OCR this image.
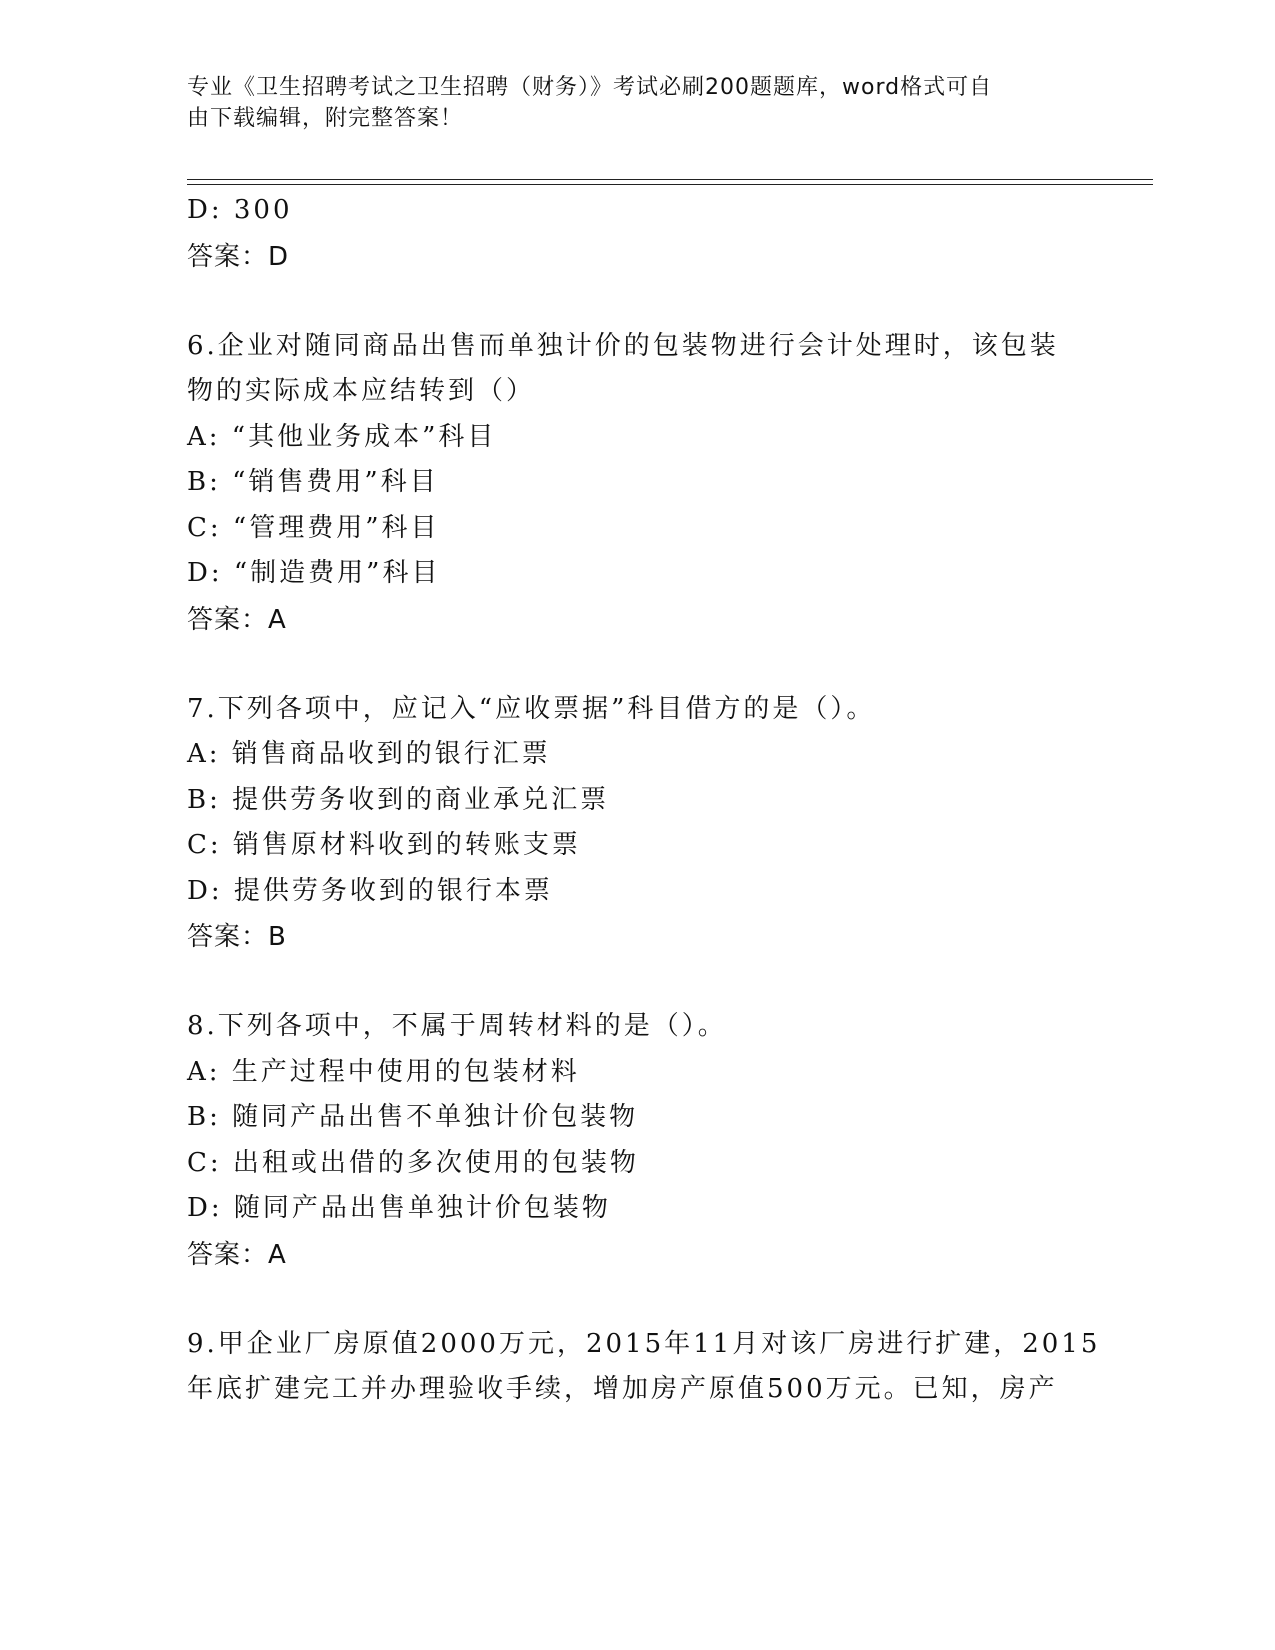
专业《卫生招聘考试之卫生招聘（财务）》考试必刷200题题库，word格式可自
由下载编辑，附完整答案！
D: 300
答案：D
6.企业对随同商品出售而单独计价的包装物进行会计处理时，该包装
物的实际成本应结转到（）
A: “其他业务成本”科目
B: “销售费用”科目
C: “管理费用”科目
D: “制造费用”科目
答案：A
7.下列各项中，应记入“应收票据”科目借方的是（）。
A: 销售商品收到的银行汇票
B: 提供劳务收到的商业承兑汇票
C: 销售原材料收到的转账支票
D: 提供劳务收到的银行本票
答案：B
8.下列各项中，不属于周转材料的是（）。
A: 生产过程中使用的包装材料
B: 随同产品出售不单独计价包装物
C: 出租或出借的多次使用的包装物
D: 随同产品出售单独计价包装物
答案：A
9.甲企业厂房原值2000万元，2015年11月对该厂房进行扩建，2015
年底扩建完工并办理验收手续，增加房产原值500万元。已知，房产
